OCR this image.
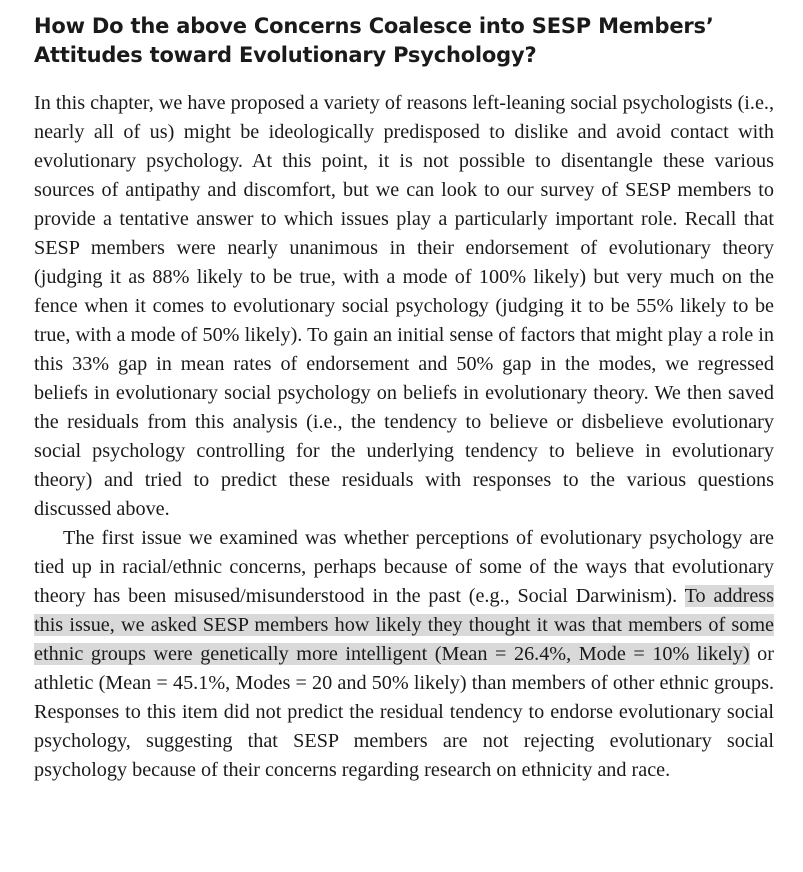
How Do the above Concerns Coalesce into SESP Members’ Attitudes toward Evolutionary Psychology?

In this chapter, we have proposed a variety of reasons left-leaning social psychologists (i.e., nearly all of us) might be ideologically predisposed to dislike and avoid contact with evolutionary psychology. At this point, it is not possible to disentangle these various sources of antipathy and discomfort, but we can look to our survey of SESP members to provide a tentative answer to which issues play a particularly important role. Recall that SESP members were nearly unanimous in their endorsement of evolutionary theory (judging it as 88% likely to be true, with a mode of 100% likely) but very much on the fence when it comes to evolutionary social psychology (judging it to be 55% likely to be true, with a mode of 50% likely). To gain an initial sense of factors that might play a role in this 33% gap in mean rates of endorsement and 50% gap in the modes, we regressed beliefs in evolutionary social psychology on beliefs in evolutionary theory. We then saved the residuals from this analysis (i.e., the tendency to believe or disbelieve evolutionary social psychology controlling for the underlying tendency to believe in evolutionary theory) and tried to predict these residuals with responses to the various questions discussed above.

The first issue we examined was whether perceptions of evolutionary psychology are tied up in racial/ethnic concerns, perhaps because of some of the ways that evolutionary theory has been misused/misunderstood in the past (e.g., Social Darwinism). To address this issue, we asked SESP members how likely they thought it was that members of some ethnic groups were genetically more intelligent (Mean = 26.4%, Mode = 10% likely) or athletic (Mean = 45.1%, Modes = 20 and 50% likely) than members of other ethnic groups. Responses to this item did not predict the residual tendency to endorse evolutionary social psychology, suggesting that SESP members are not rejecting evolutionary social psychology because of their concerns regarding research on ethnicity and race.
